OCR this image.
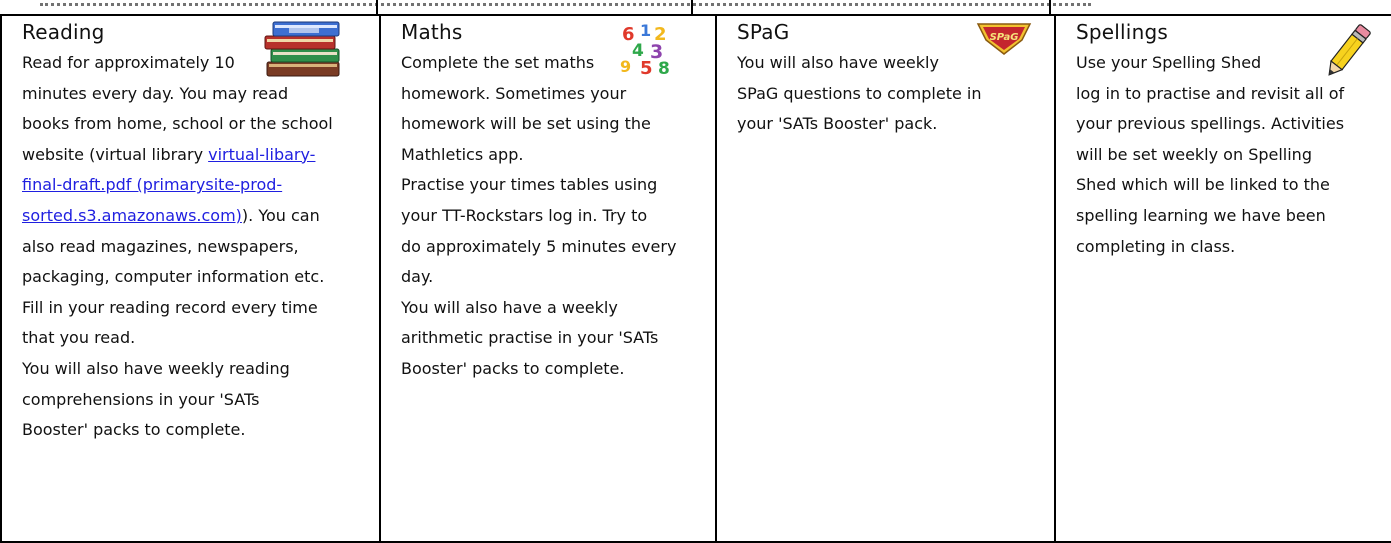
Reading
Read for approximately 10
minutes every day. You may read
books from home, school or the school
website (virtual library virtual-libary-
final-draft.pdf (primarysite-prod-
sorted.s3.amazonaws.com)). You can
also read magazines, newspapers,
packaging, computer information etc.
Fill in your reading record every time
that you read.
You will also have weekly reading
comprehensions in your 'SATs
Booster' packs to complete.

6 1 2
4 3
9 5 8
Maths
Complete the set maths
homework. Sometimes your
homework will be set using the
Mathletics app.
Practise your times tables using
your TT-Rockstars log in. Try to
do approximately 5 minutes every
day.
You will also have a weekly
arithmetic practise in your 'SATs
Booster' packs to complete.

SPaG
SPaG
You will also have weekly
SPaG questions to complete in
your 'SATs Booster' pack.

Spellings
Use your Spelling Shed
log in to practise and revisit all of
your previous spellings. Activities
will be set weekly on Spelling
Shed which will be linked to the
spelling learning we have been
completing in class.
